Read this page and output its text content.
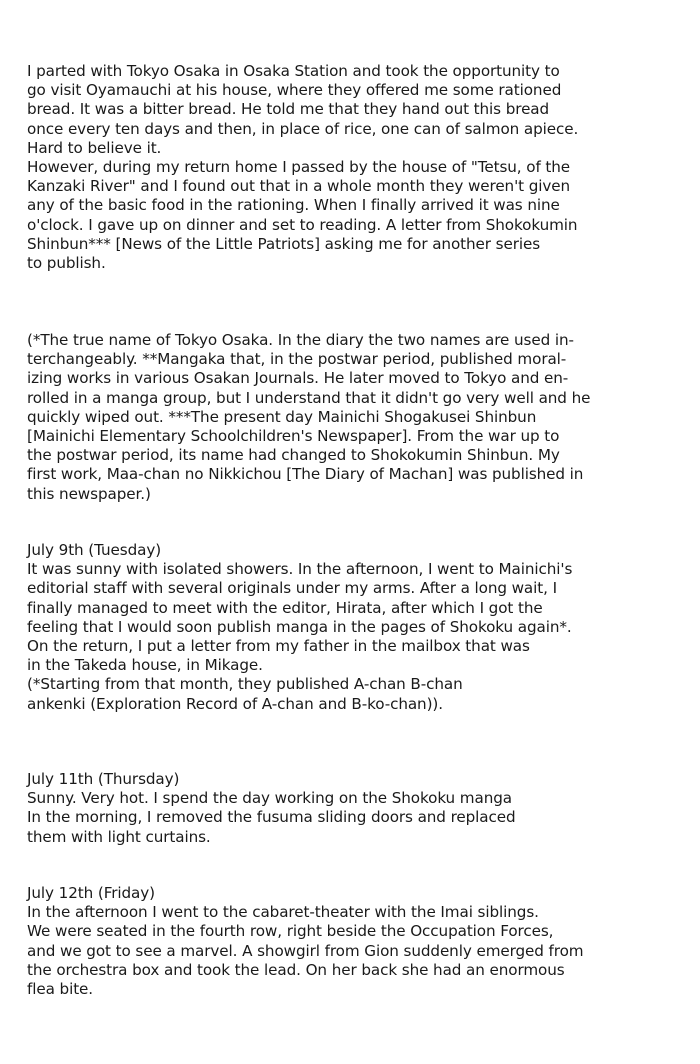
I parted with Tokyo Osaka in Osaka Station and took the opportunity to
go visit Oyamauchi at his house, where they offered me some rationed
bread. It was a bitter bread. He told me that they hand out this bread
once every ten days and then, in place of rice, one can of salmon apiece.
Hard to believe it.
However, during my return home I passed by the house of "Tetsu, of the
Kanzaki River" and I found out that in a whole month they weren't given
any of the basic food in the rationing. When I finally arrived it was nine
o'clock. I gave up on dinner and set to reading. A letter from Shokokumin
Shinbun*** [News of the Little Patriots] asking me for another series
to publish.

(*The true name of Tokyo Osaka. In the diary the two names are used in-
terchangeably. **Mangaka that, in the postwar period, published moral-
izing works in various Osakan Journals. He later moved to Tokyo and en-
rolled in a manga group, but I understand that it didn't go very well and he
quickly wiped out. ***The present day Mainichi Shogakusei Shinbun
[Mainichi Elementary Schoolchildren's Newspaper]. From the war up to
the postwar period, its name had changed to Shokokumin Shinbun. My
first work, Maa-chan no Nikkichou [The Diary of Machan] was published in
this newspaper.)

July 9th (Tuesday)
It was sunny with isolated showers. In the afternoon, I went to Mainichi's
editorial staff with several originals under my arms. After a long wait, I
finally managed to meet with the editor, Hirata, after which I got the
feeling that I would soon publish manga in the pages of Shokoku again*.
On the return, I put a letter from my father in the mailbox that was
in the Takeda house, in Mikage.
(*Starting from that month, they published A-chan B-chan
ankenki (Exploration Record of A-chan and B-ko-chan)).

July 11th (Thursday)
Sunny. Very hot. I spend the day working on the Shokoku manga
In the morning, I removed the fusuma sliding doors and replaced
them with light curtains.

July 12th (Friday)
In the afternoon I went to the cabaret-theater with the Imai siblings.
We were seated in the fourth row, right beside the Occupation Forces,
and we got to see a marvel. A showgirl from Gion suddenly emerged from
the orchestra box and took the lead. On her back she had an enormous
flea bite.
